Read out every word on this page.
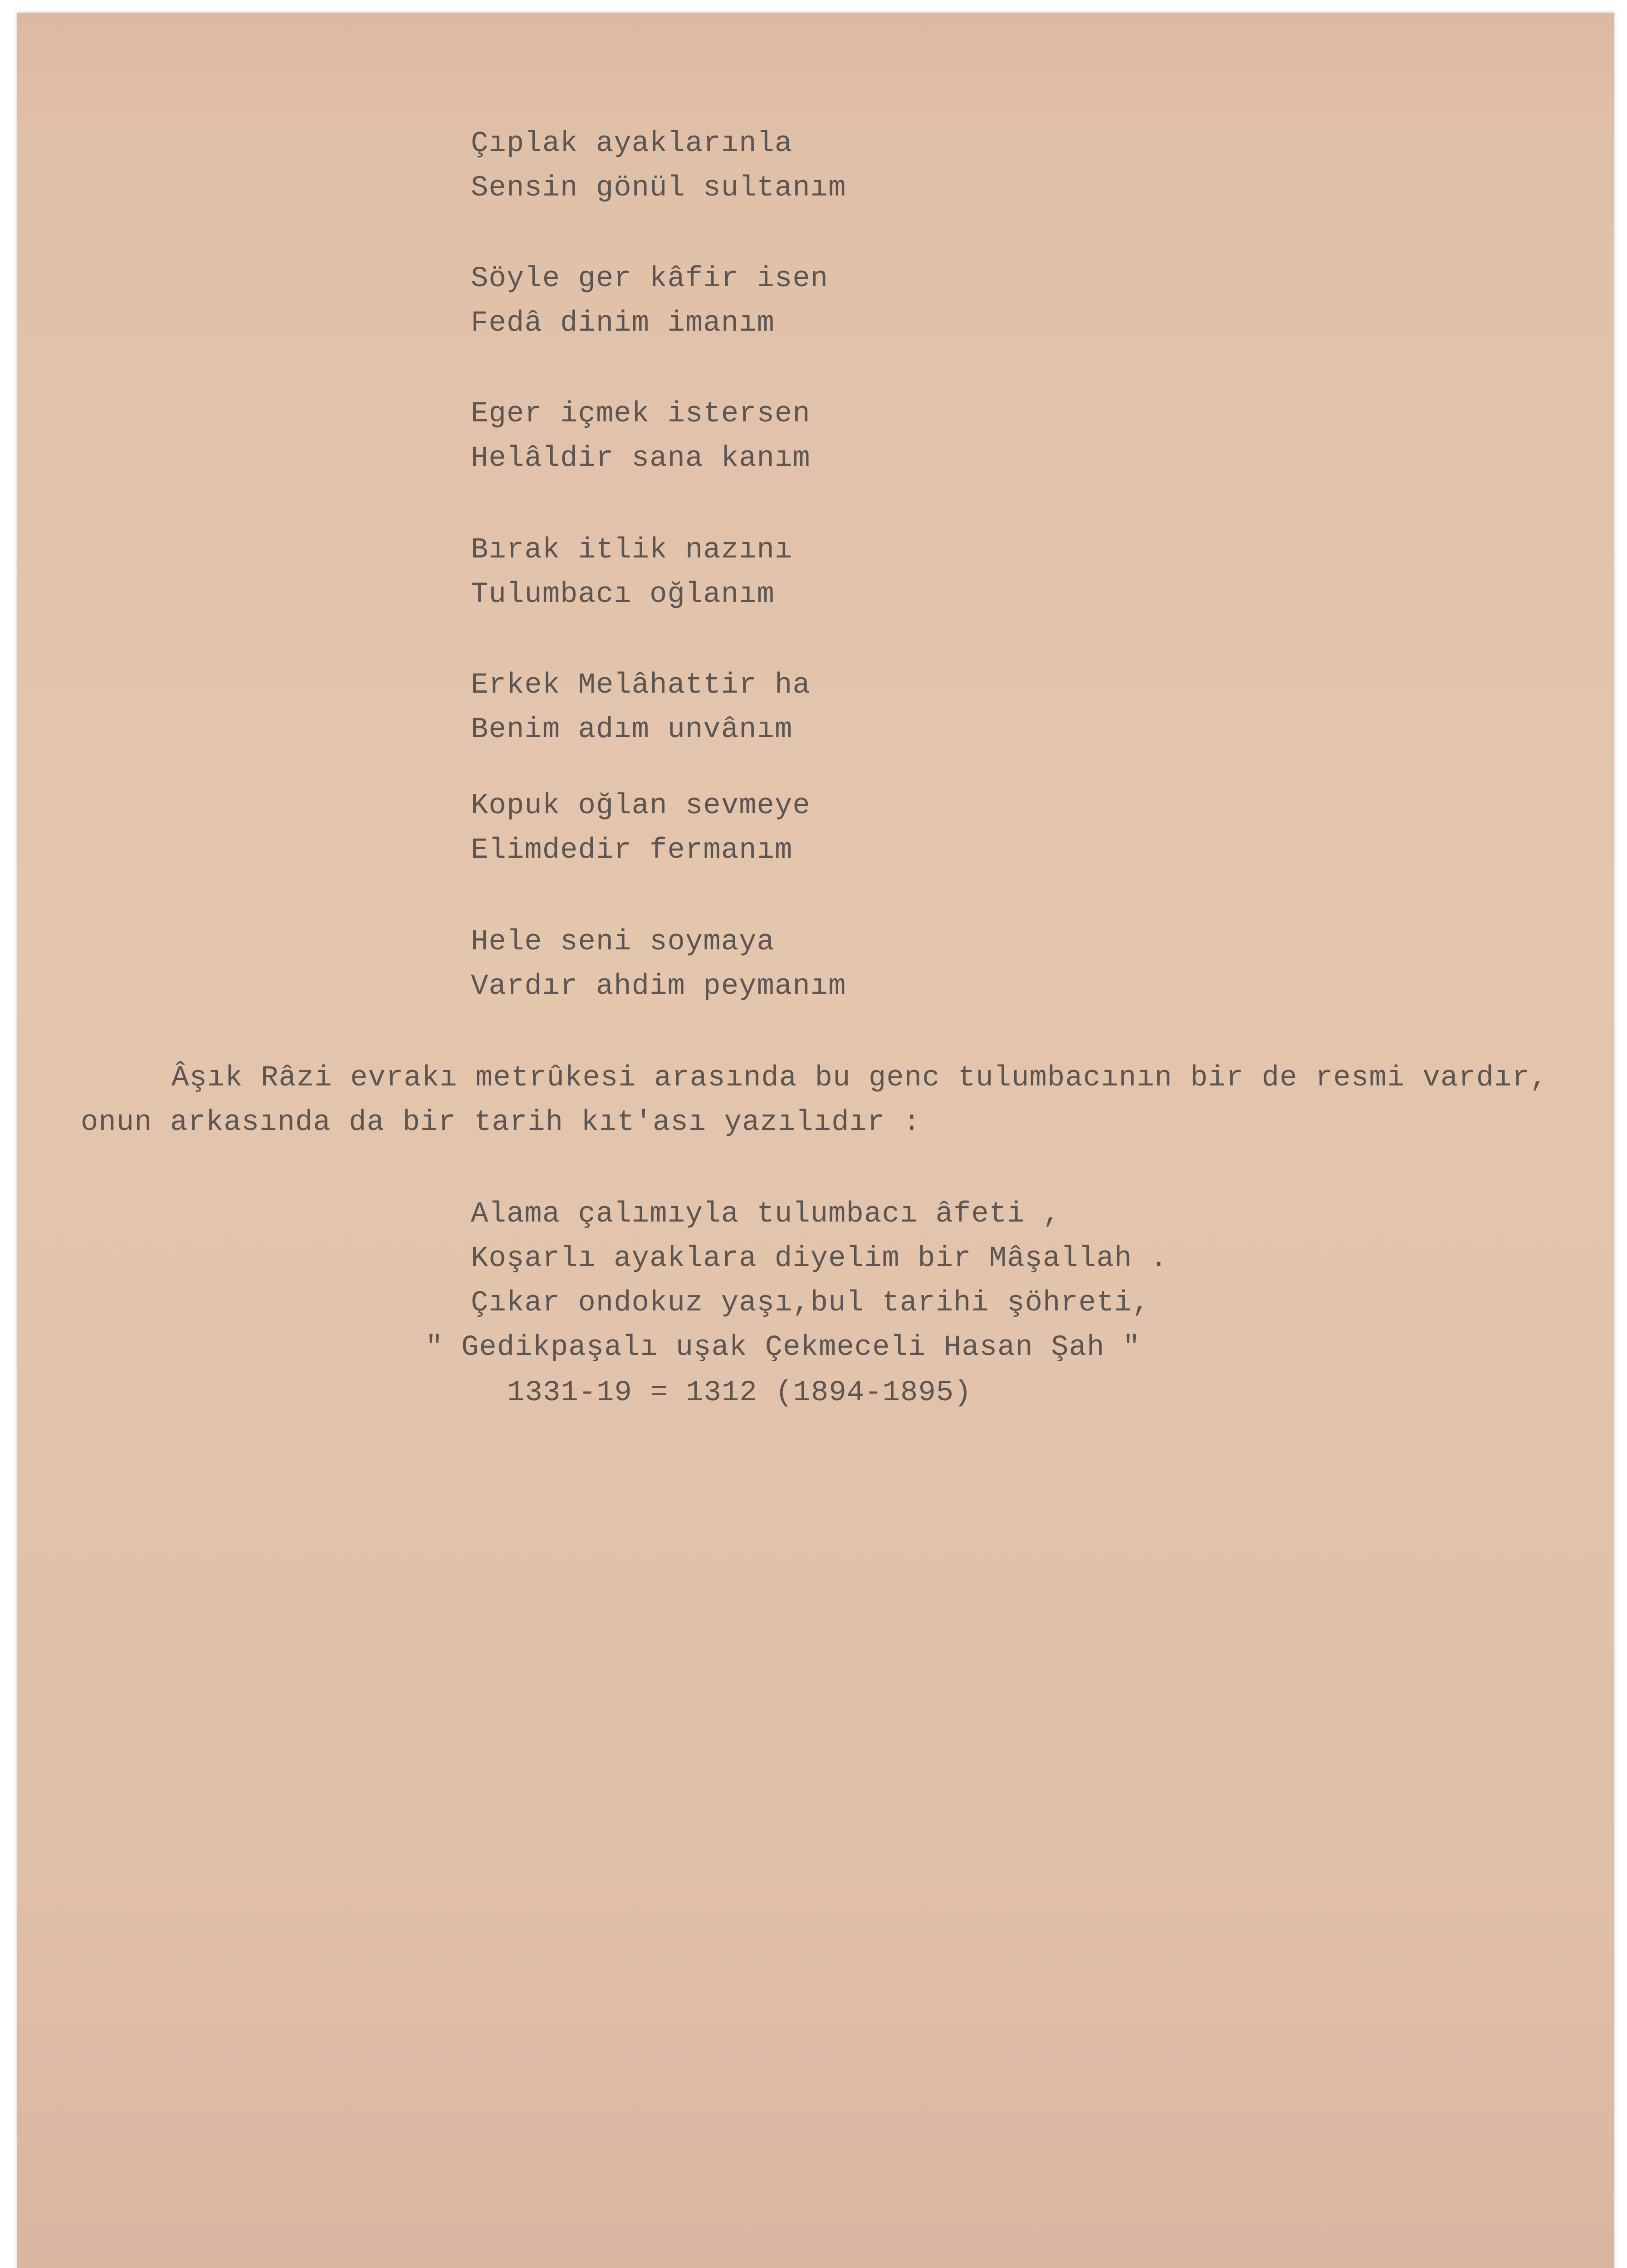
Çıplak ayaklarınla

Sensin gönül sultanım

Söyle ger kâfir isen

Fedâ dinim imanım

Eger içmek istersen

Helâldir sana kanım

Bırak itlik nazını

Tulumbacı oğlanım

Erkek Melâhattir ha

Benim adım unvânım

Kopuk oğlan sevmeye

Elimdedir fermanım

Hele seni soymaya

Vardır ahdim peymanım

Âşık Râzi evrakı metrûkesi arasında bu genc tulumbacının bir de resmi vardır,

onun arkasında da bir tarih kıt'ası yazılıdır :

Alama çalımıyla tulumbacı âfeti ,

Koşarlı ayaklara diyelim bir Mâşallah .

Çıkar ondokuz yaşı,bul tarihi şöhreti,

" Gedikpaşalı uşak Çekmeceli Hasan Şah "

1331-19 = 1312 (1894-1895)
